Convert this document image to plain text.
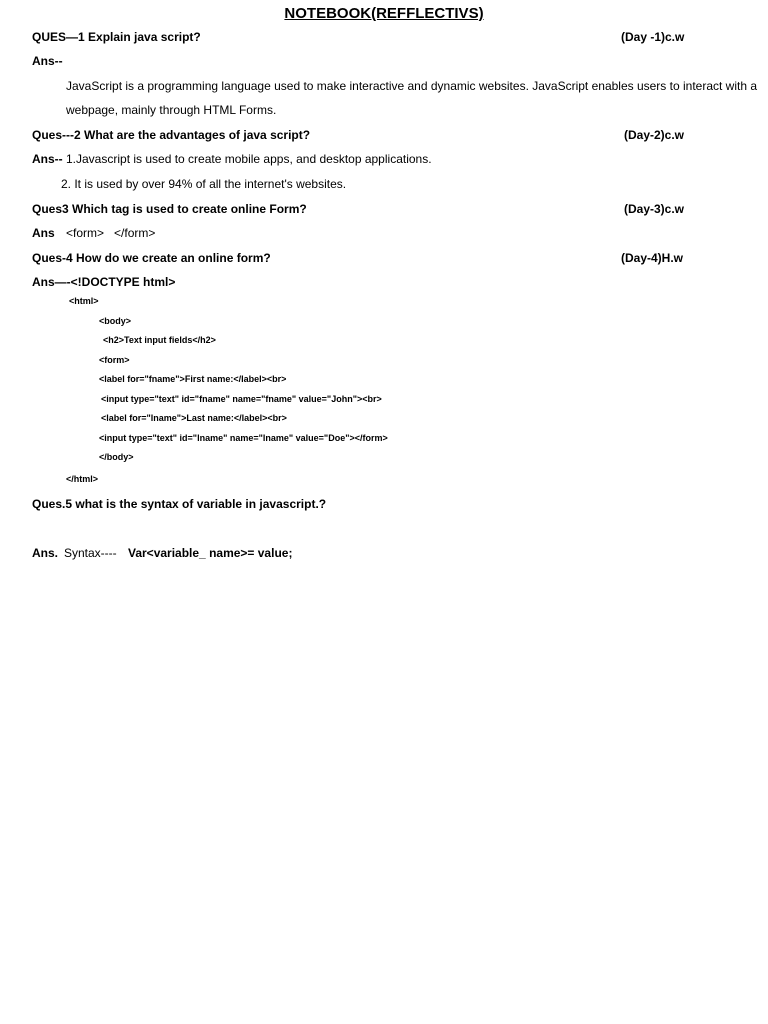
NOTEBOOK(REFFLECTIVS)
QUES—1 Explain java script?	(Day -1)c.w
Ans--
JavaScript is a programming language used to make interactive and dynamic websites. JavaScript enables users to interact with a
webpage, mainly through HTML Forms.
Ques---2 What are the advantages of java script?	(Day-2)c.w
Ans-- 1.Javascript is used to create mobile apps, and desktop applications.
2. It is used by over 94% of all the internet's websites.
Ques3 Which tag is used to create online Form?	(Day-3)c.w
Ans <form>   </form>
Ques-4 How do we create an online form?	(Day-4)H.w
Ans—-<!DOCTYPE html>
<html>
<body>
<h2>Text input fields</h2>
<form>
<label for="fname">First name:</label><br>
<input type="text" id="fname" name="fname" value="John"><br>
<label for="lname">Last name:</label><br>
<input type="text" id="lname" name="lname" value="Doe"></form>
</body>
</html>
Ques.5 what is the syntax of variable in javascript.?
Ans. Syntax---- Var<variable_ name>= value;
